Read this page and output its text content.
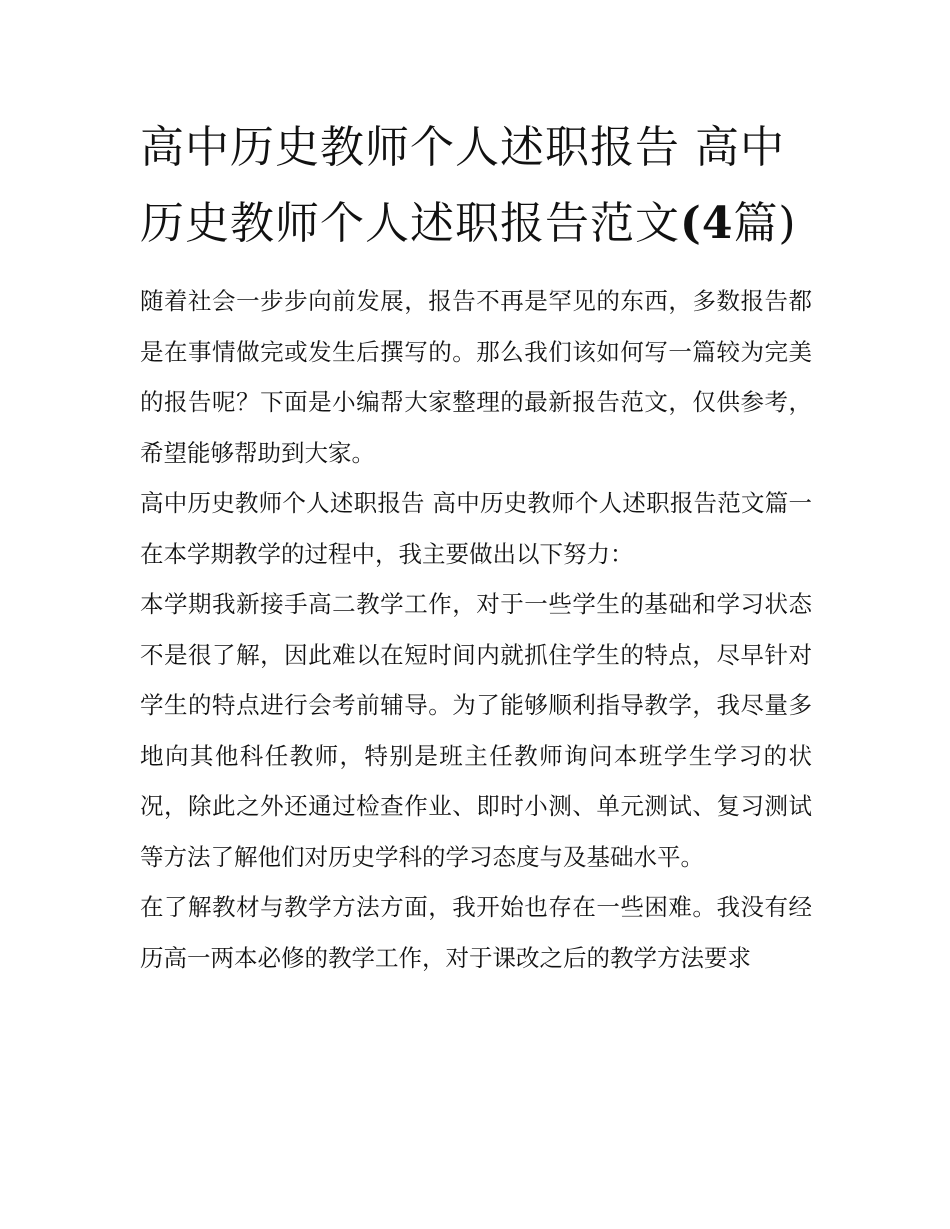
高中历史教师个人述职报告 高中历史教师个人述职报告范文(4篇)

随着社会一步步向前发展，报告不再是罕见的东西，多数报告都是在事情做完或发生后撰写的。那么我们该如何写一篇较为完美的报告呢？下面是小编帮大家整理的最新报告范文，仅供参考，希望能够帮助到大家。

高中历史教师个人述职报告 高中历史教师个人述职报告范文篇一 在本学期教学的过程中，我主要做出以下努力：

本学期我新接手高二教学工作，对于一些学生的基础和学习状态不是很了解，因此难以在短时间内就抓住学生的特点，尽早针对学生的特点进行会考前辅导。为了能够顺利指导教学，我尽量多地向其他科任教师，特别是班主任教师询问本班学生学习的状况，除此之外还通过检查作业、即时小测、单元测试、复习测试等方法了解他们对历史学科的学习态度与及基础水平。

在了解教材与教学方法方面，我开始也存在一些困难。我没有经历高一两本必修的教学工作，对于课改之后的教学方法要求
